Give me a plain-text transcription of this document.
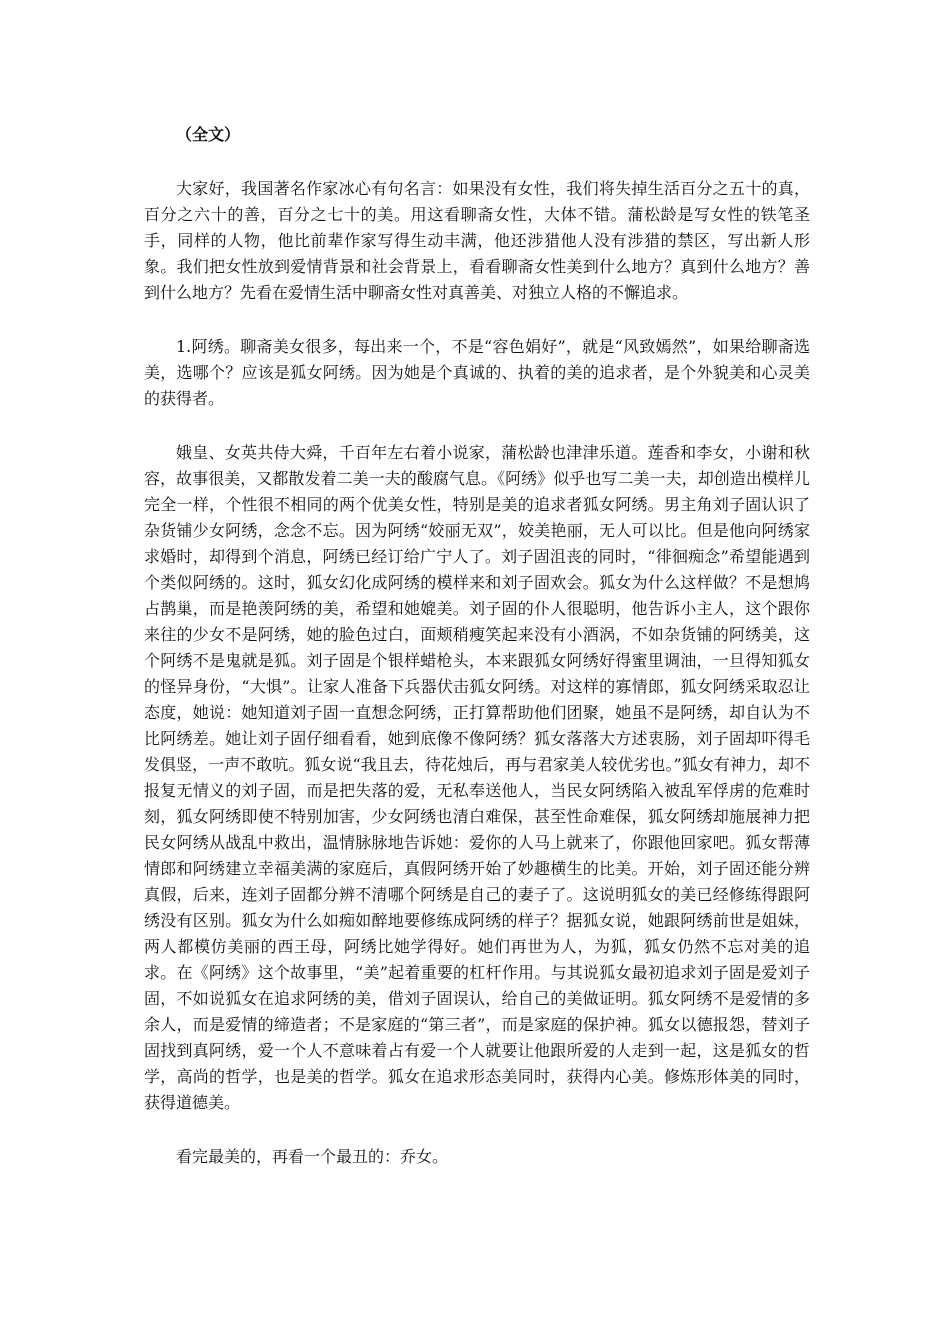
（全文）

大家好，我国著名作家冰心有句名言：如果没有女性，我们将失掉生活百分之五十的真，百分之六十的善，百分之七十的美。用这看聊斋女性，大体不错。蒲松龄是写女性的铁笔圣手，同样的人物，他比前辈作家写得生动丰满，他还涉猎他人没有涉猎的禁区，写出新人形象。我们把女性放到爱情背景和社会背景上，看看聊斋女性美到什么地方？真到什么地方？善到什么地方？先看在爱情生活中聊斋女性对真善美、对独立人格的不懈追求。

1.阿绣。聊斋美女很多，每出来一个，不是“容色娟好”，就是“风致嫣然”，如果给聊斋选美，选哪个？应该是狐女阿绣。因为她是个真诚的、执着的美的追求者，是个外貌美和心灵美的获得者。

娥皇、女英共侍大舜，千百年左右着小说家，蒲松龄也津津乐道。莲香和李女，小谢和秋容，故事很美，又都散发着二美一夫的酸腐气息。《阿绣》似乎也写二美一夫，却创造出模样儿完全一样，个性很不相同的两个优美女性，特别是美的追求者狐女阿绣。男主角刘子固认识了杂货铺少女阿绣，念念不忘。因为阿绣“姣丽无双”，姣美艳丽，无人可以比。但是他向阿绣家求婚时，却得到个消息，阿绣已经订给广宁人了。刘子固沮丧的同时，“徘徊痴念”希望能遇到个类似阿绣的。这时，狐女幻化成阿绣的模样来和刘子固欢会。狐女为什么这样做？不是想鸠占鹊巢，而是艳羡阿绣的美，希望和她媲美。刘子固的仆人很聪明，他告诉小主人，这个跟你来往的少女不是阿绣，她的脸色过白，面颊稍瘦笑起来没有小酒涡，不如杂货铺的阿绣美，这个阿绣不是鬼就是狐。刘子固是个银样蜡枪头，本来跟狐女阿绣好得蜜里调油，一旦得知狐女的怪异身份，“大惧”。让家人准备下兵器伏击狐女阿绣。对这样的寡情郎，狐女阿绣采取忍让态度，她说：她知道刘子固一直想念阿绣，正打算帮助他们团聚，她虽不是阿绣，却自认为不比阿绣差。她让刘子固仔细看看，她到底像不像阿绣？狐女落落大方述衷肠，刘子固却吓得毛发俱竖，一声不敢吭。狐女说“我且去，待花烛后，再与君家美人较优劣也。”狐女有神力，却不报复无情义的刘子固，而是把失落的爱，无私奉送他人，当民女阿绣陷入被乱军俘虏的危难时刻，狐女阿绣即使不特别加害，少女阿绣也清白难保，甚至性命难保，狐女阿绣却施展神力把民女阿绣从战乱中救出，温情脉脉地告诉她：爱你的人马上就来了，你跟他回家吧。狐女帮薄情郎和阿绣建立幸福美满的家庭后，真假阿绣开始了妙趣横生的比美。开始，刘子固还能分辨真假，后来，连刘子固都分辨不清哪个阿绣是自己的妻子了。这说明狐女的美已经修练得跟阿绣没有区别。狐女为什么如痴如醉地要修练成阿绣的样子？据狐女说，她跟阿绣前世是姐妹，两人都模仿美丽的西王母，阿绣比她学得好。她们再世为人，为狐，狐女仍然不忘对美的追求。在《阿绣》这个故事里，“美”起着重要的杠杆作用。与其说狐女最初追求刘子固是爱刘子固，不如说狐女在追求阿绣的美，借刘子固误认，给自己的美做证明。狐女阿绣不是爱情的多余人，而是爱情的缔造者；不是家庭的“第三者”，而是家庭的保护神。狐女以德报怨，替刘子固找到真阿绣，爱一个人不意味着占有爱一个人就要让他跟所爱的人走到一起，这是狐女的哲学，高尚的哲学，也是美的哲学。狐女在追求形态美同时，获得内心美。修炼形体美的同时，获得道德美。

看完最美的，再看一个最丑的：乔女。
